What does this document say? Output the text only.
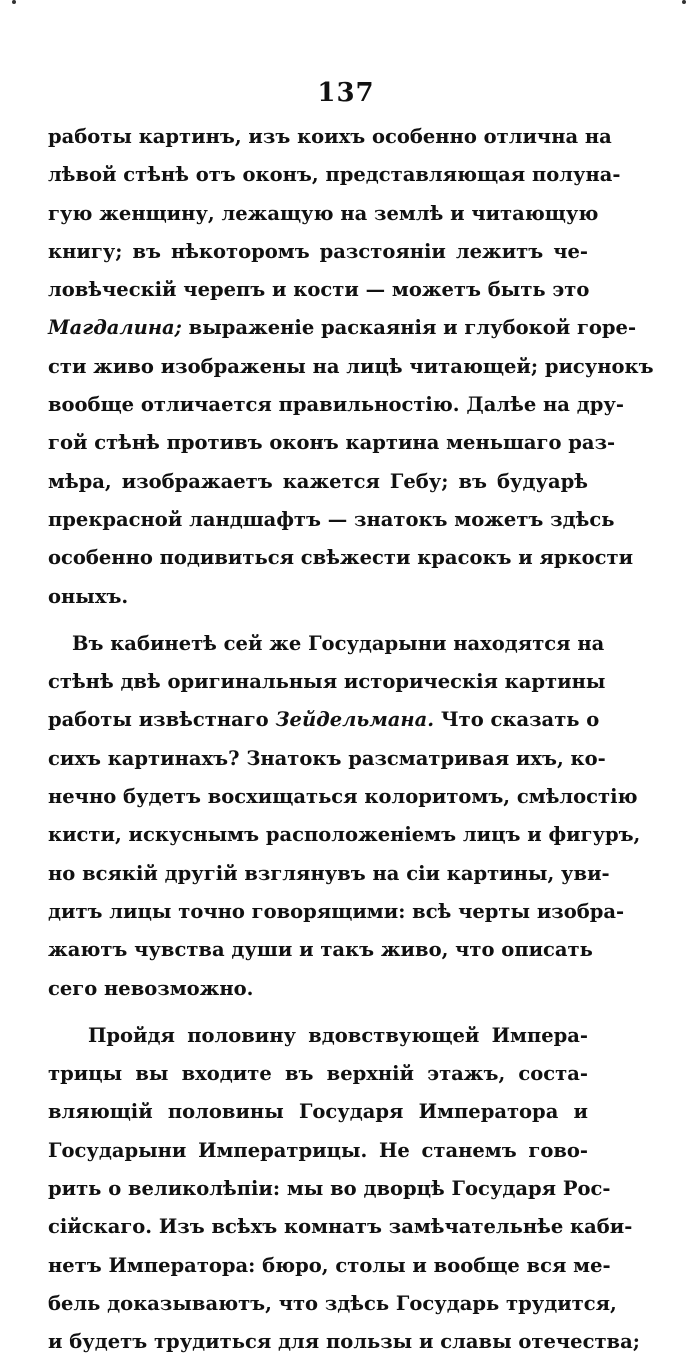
137
работы картинъ, изъ коихъ особенно отлична на
лѣвой стѣнѣ отъ оконъ, представляющая полуна-
гую женщину, лежащую на землѣ и читающую
книгу; въ нѣкоторомъ разстояніи лежитъ че-
ловѣческій черепъ и кости — можетъ быть это
Магдалина; выраженіе раскаянія и глубокой горе-
сти живо изображены на лицѣ читающей; рисунокъ
вообще отличается правильностію. Далѣе на дру-
гой стѣнѣ противъ оконъ картина меньшаго раз-
мѣра, изображаетъ кажется Гебу; въ будуарѣ
прекрасной ландшафтъ — знатокъ можетъ здѣсь
особенно подивиться свѣжести красокъ и яркости
оныхъ.
Въ кабинетѣ сей же Государыни находятся на
стѣнѣ двѣ оригинальныя историческія картины
работы извѣстнаго Зейдельмана. Что сказать о
сихъ картинахъ? Знатокъ разсматривая ихъ, ко-
нечно будетъ восхищаться колоритомъ, смѣлостію
кисти, искуснымъ расположеніемъ лицъ и фигуръ,
но всякій другій взглянувъ на сіи картины, уви-
дитъ лицы точно говорящими: всѣ черты изобра-
жаютъ чувства души и такъ живо, что описать
сего невозможно.
Пройдя половину вдовствующей Импера-
трицы вы входите въ верхній этажъ, соста-
вляющій половины Государя Императора и
Государыни Императрицы. Не станемъ гово-
рить о великолѣпіи: мы во дворцѣ Государя Рос-
сійскаго. Изъ всѣхъ комнатъ замѣчательнѣе каби-
нетъ Императора: бюро, столы и вообще вся ме-
бель доказываютъ, что здѣсь Государь трудится,
и будетъ трудиться для пользы и славы отечества;
